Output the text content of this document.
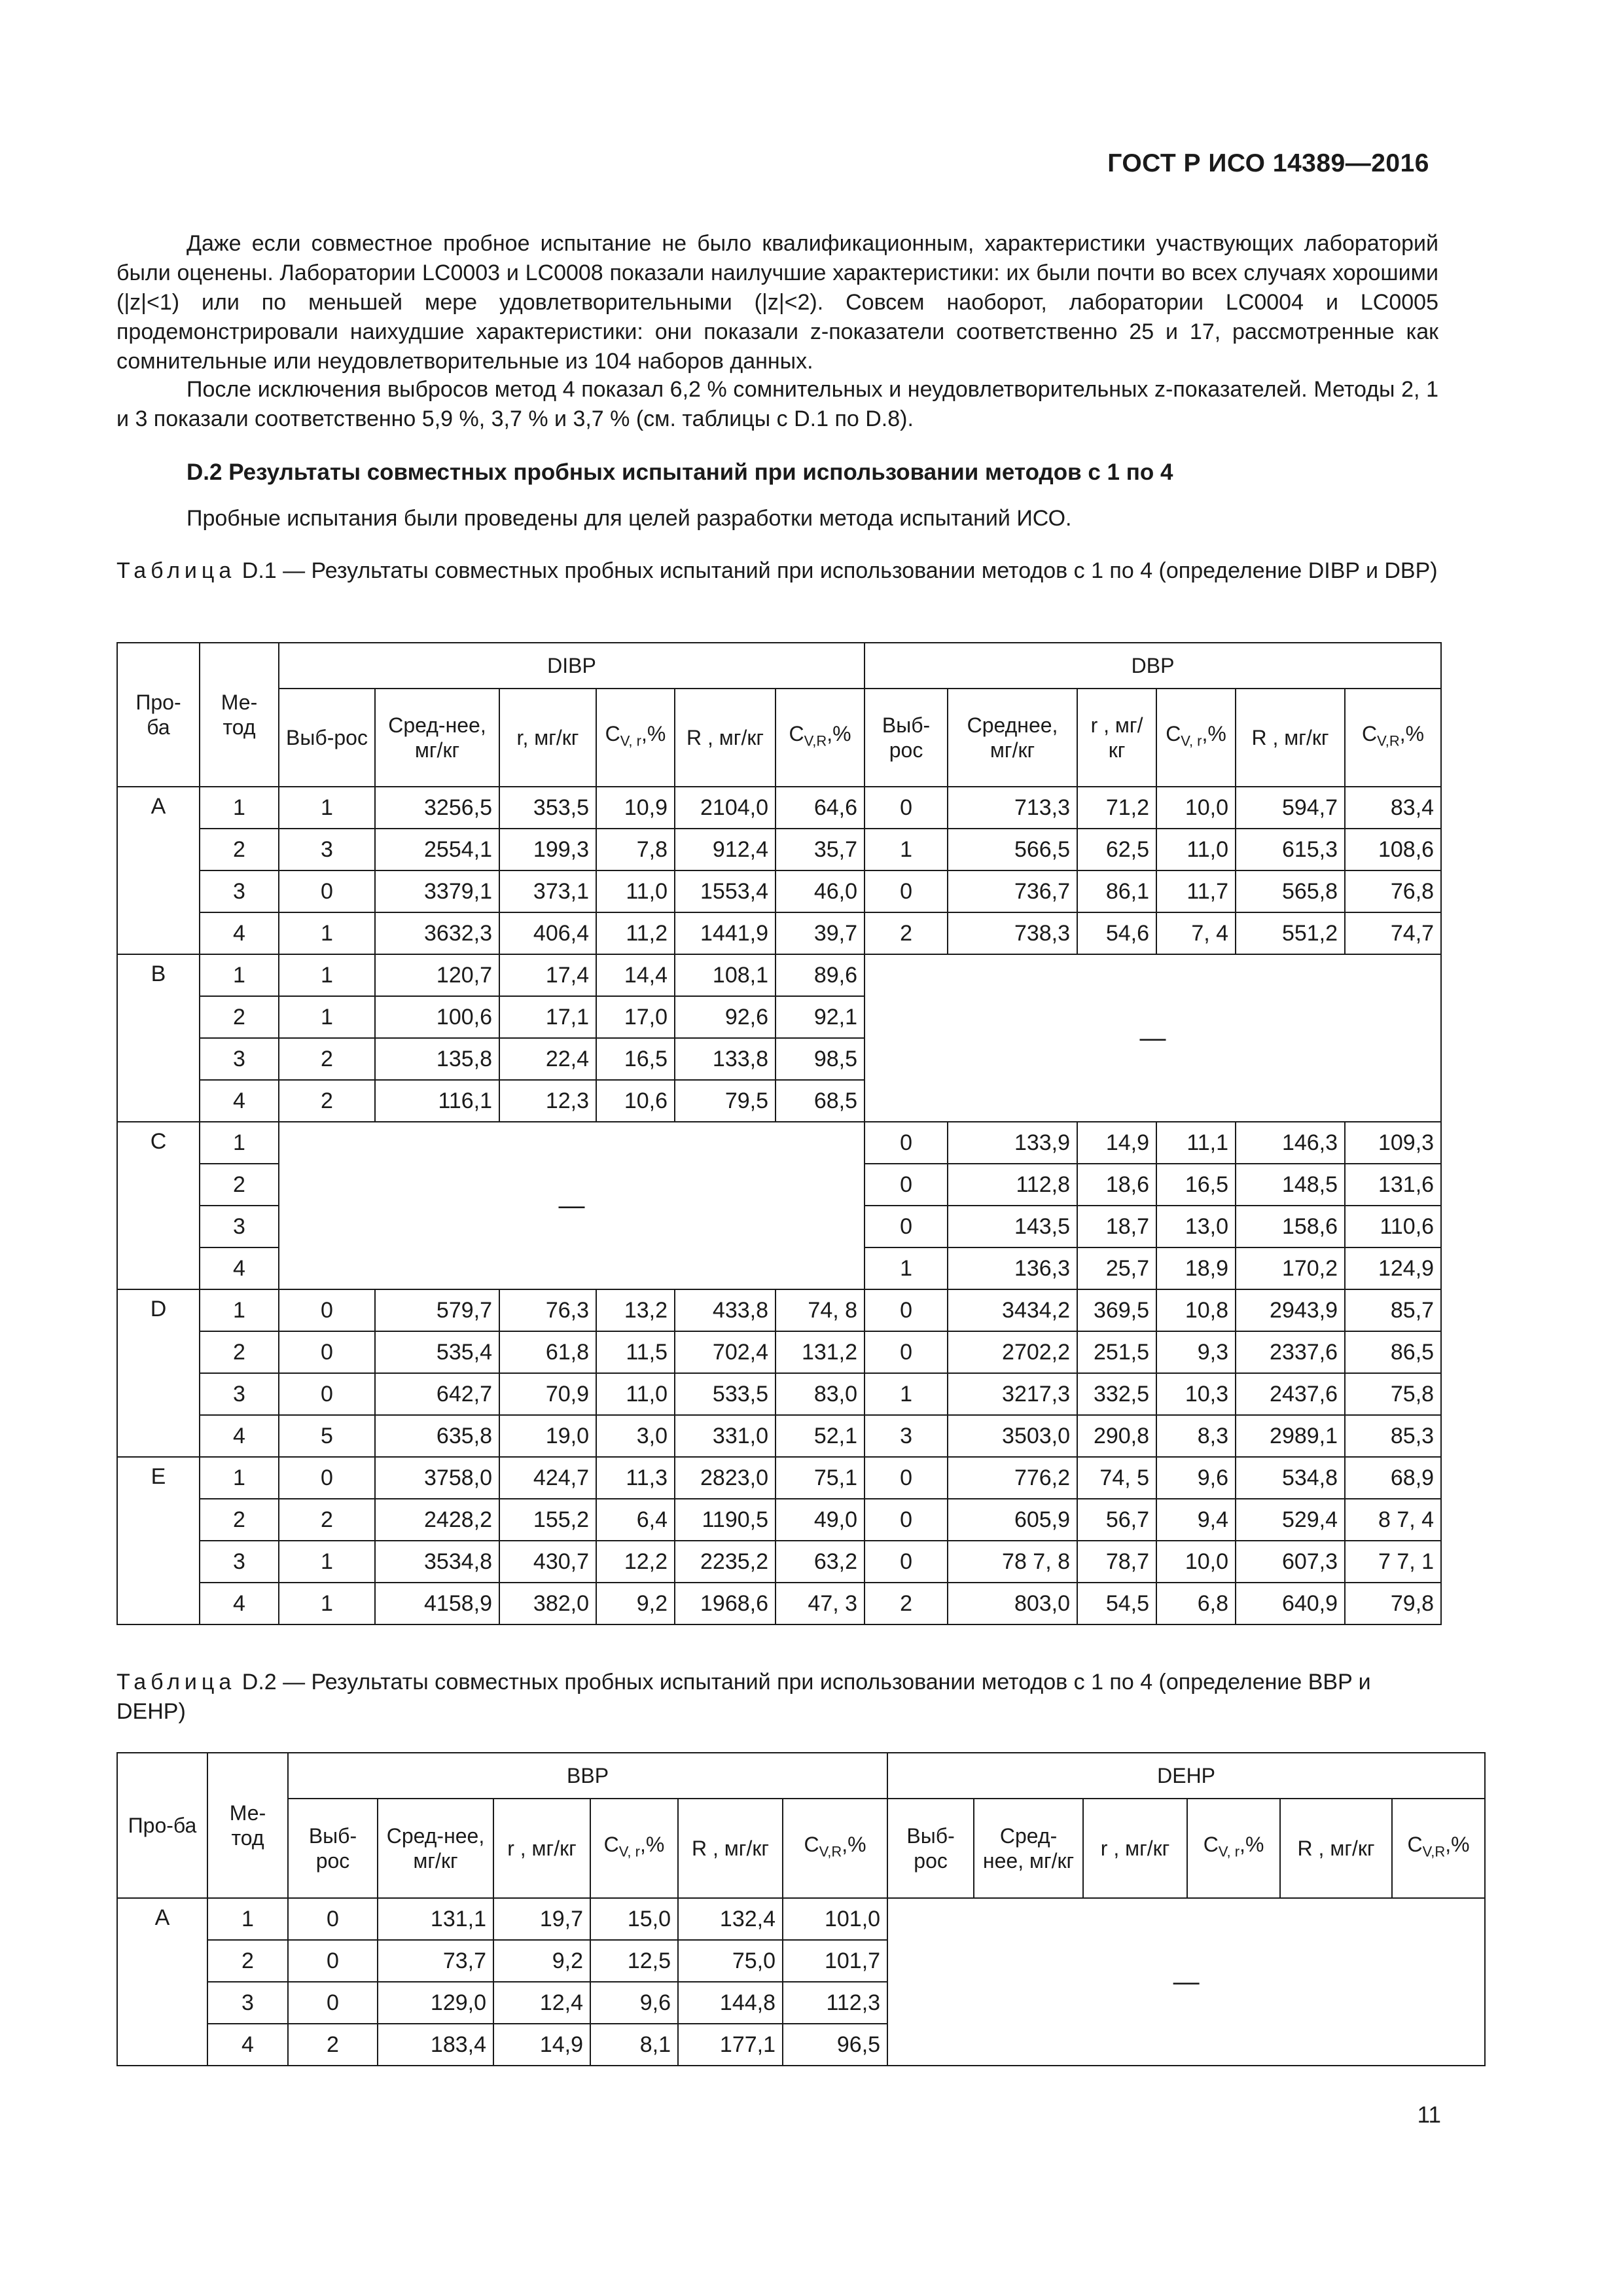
ГОСТ Р ИСО 14389—2016

Даже если совместное пробное испытание не было квалификационным, характеристики участвующих лабораторий были оценены. Лаборатории LC0003 и LC0008 показали наилучшие характеристики: их были почти во всех случаях хорошими (|z|<1) или по меньшей мере удовлетворительными (|z|<2). Совсем наоборот, лаборатории LC0004 и LC0005 продемонстрировали наихудшие характеристики: они показали z-показатели соответственно 25 и 17, рассмотренные как сомнительные или неудовлетворительные из 104 наборов данных.

После исключения выбросов метод 4 показал 6,2 % сомнительных и неудовлетворительных z-показателей. Методы 2, 1 и 3 показали соответственно 5,9 %, 3,7 % и 3,7 % (см. таблицы с D.1 по D.8).

D.2 Результаты совместных пробных испытаний при использовании методов с 1 по 4
Пробные испытания были проведены для целей разработки метода испытаний ИСО.
Таблица D.1 — Результаты совместных пробных испытаний при использовании методов с 1 по 4 (определение DIBP и DBP)
Про-ба	Ме-тод	DIBP						DBP					
		Выб-рос	Сред-нее, мг/кг	r, мг/кг	$C_{V, r},\%$	R , мг/кг	$C_{V,R},\%$	Выб-рос	Среднее, мг/кг	r , мг/кг	$C_{V, r},\%$	R , мг/кг	$C_{V,R},\%$
A	1	1	3256,5	353,5	10,9	2104,0	64,6	0	713,3	71,2	10,0	594,7	83,4
	2	3	2554,1	199,3	7,8	912,4	35,7	1	566,5	62,5	11,0	615,3	108,6
	3	0	3379,1	373,1	11,0	1553,4	46,0	0	736,7	86,1	11,7	565,8	76,8
	4	1	3632,3	406,4	11,2	1441,9	39,7	2	738,3	54,6	7, 4	551,2	74,7
B	1	1	120,7	17,4	14,4	108,1	89,6	—					
	2	1	100,6	17,1	17,0	92,6	92,1						
	3	2	135,8	22,4	16,5	133,8	98,5						
	4	2	116,1	12,3	10,6	79,5	68,5						
C	1	—						0	133,9	14,9	11,1	146,3	109,3
	2							0	112,8	18,6	16,5	148,5	131,6
	3							0	143,5	18,7	13,0	158,6	110,6
	4							1	136,3	25,7	18,9	170,2	124,9
D	1	0	579,7	76,3	13,2	433,8	74, 8	0	3434,2	369,5	10,8	2943,9	85,7
	2	0	535,4	61,8	11,5	702,4	131,2	0	2702,2	251,5	9,3	2337,6	86,5
	3	0	642,7	70,9	11,0	533,5	83,0	1	3217,3	332,5	10,3	2437,6	75,8
	4	5	635,8	19,0	3,0	331,0	52,1	3	3503,0	290,8	8,3	2989,1	85,3
E	1	0	3758,0	424,7	11,3	2823,0	75,1	0	776,2	74, 5	9,6	534,8	68,9
	2	2	2428,2	155,2	6,4	1190,5	49,0	0	605,9	56,7	9,4	529,4	8 7, 4
	3	1	3534,8	430,7	12,2	2235,2	63,2	0	78 7, 8	78,7	10,0	607,3	7 7, 1
	4	1	4158,9	382,0	9,2	1968,6	47, 3	2	803,0	54,5	6,8	640,9	79,8
Таблица D.2 — Результаты совместных пробных испытаний при использовании методов с 1 по 4 (определение BBP и DEHP)
Про-ба	Ме-тод	BBP						DEHP					
		Выб-рос	Сред-нее, мг/кг	r , мг/кг	$C_{V, r},\%$	R , мг/кг	$C_{V,R},\%$	Выб-рос	Сред-нее, мг/кг	r , мг/кг	$C_{V, r},\%$	R , мг/кг	$C_{V,R},\%$
A	1	0	131,1	19,7	15,0	132,4	101,0	—					
	2	0	73,7	9,2	12,5	75,0	101,7						
	3	0	129,0	12,4	9,6	144,8	112,3						
	4	2	183,4	14,9	8,1	177,1	96,5						
11
